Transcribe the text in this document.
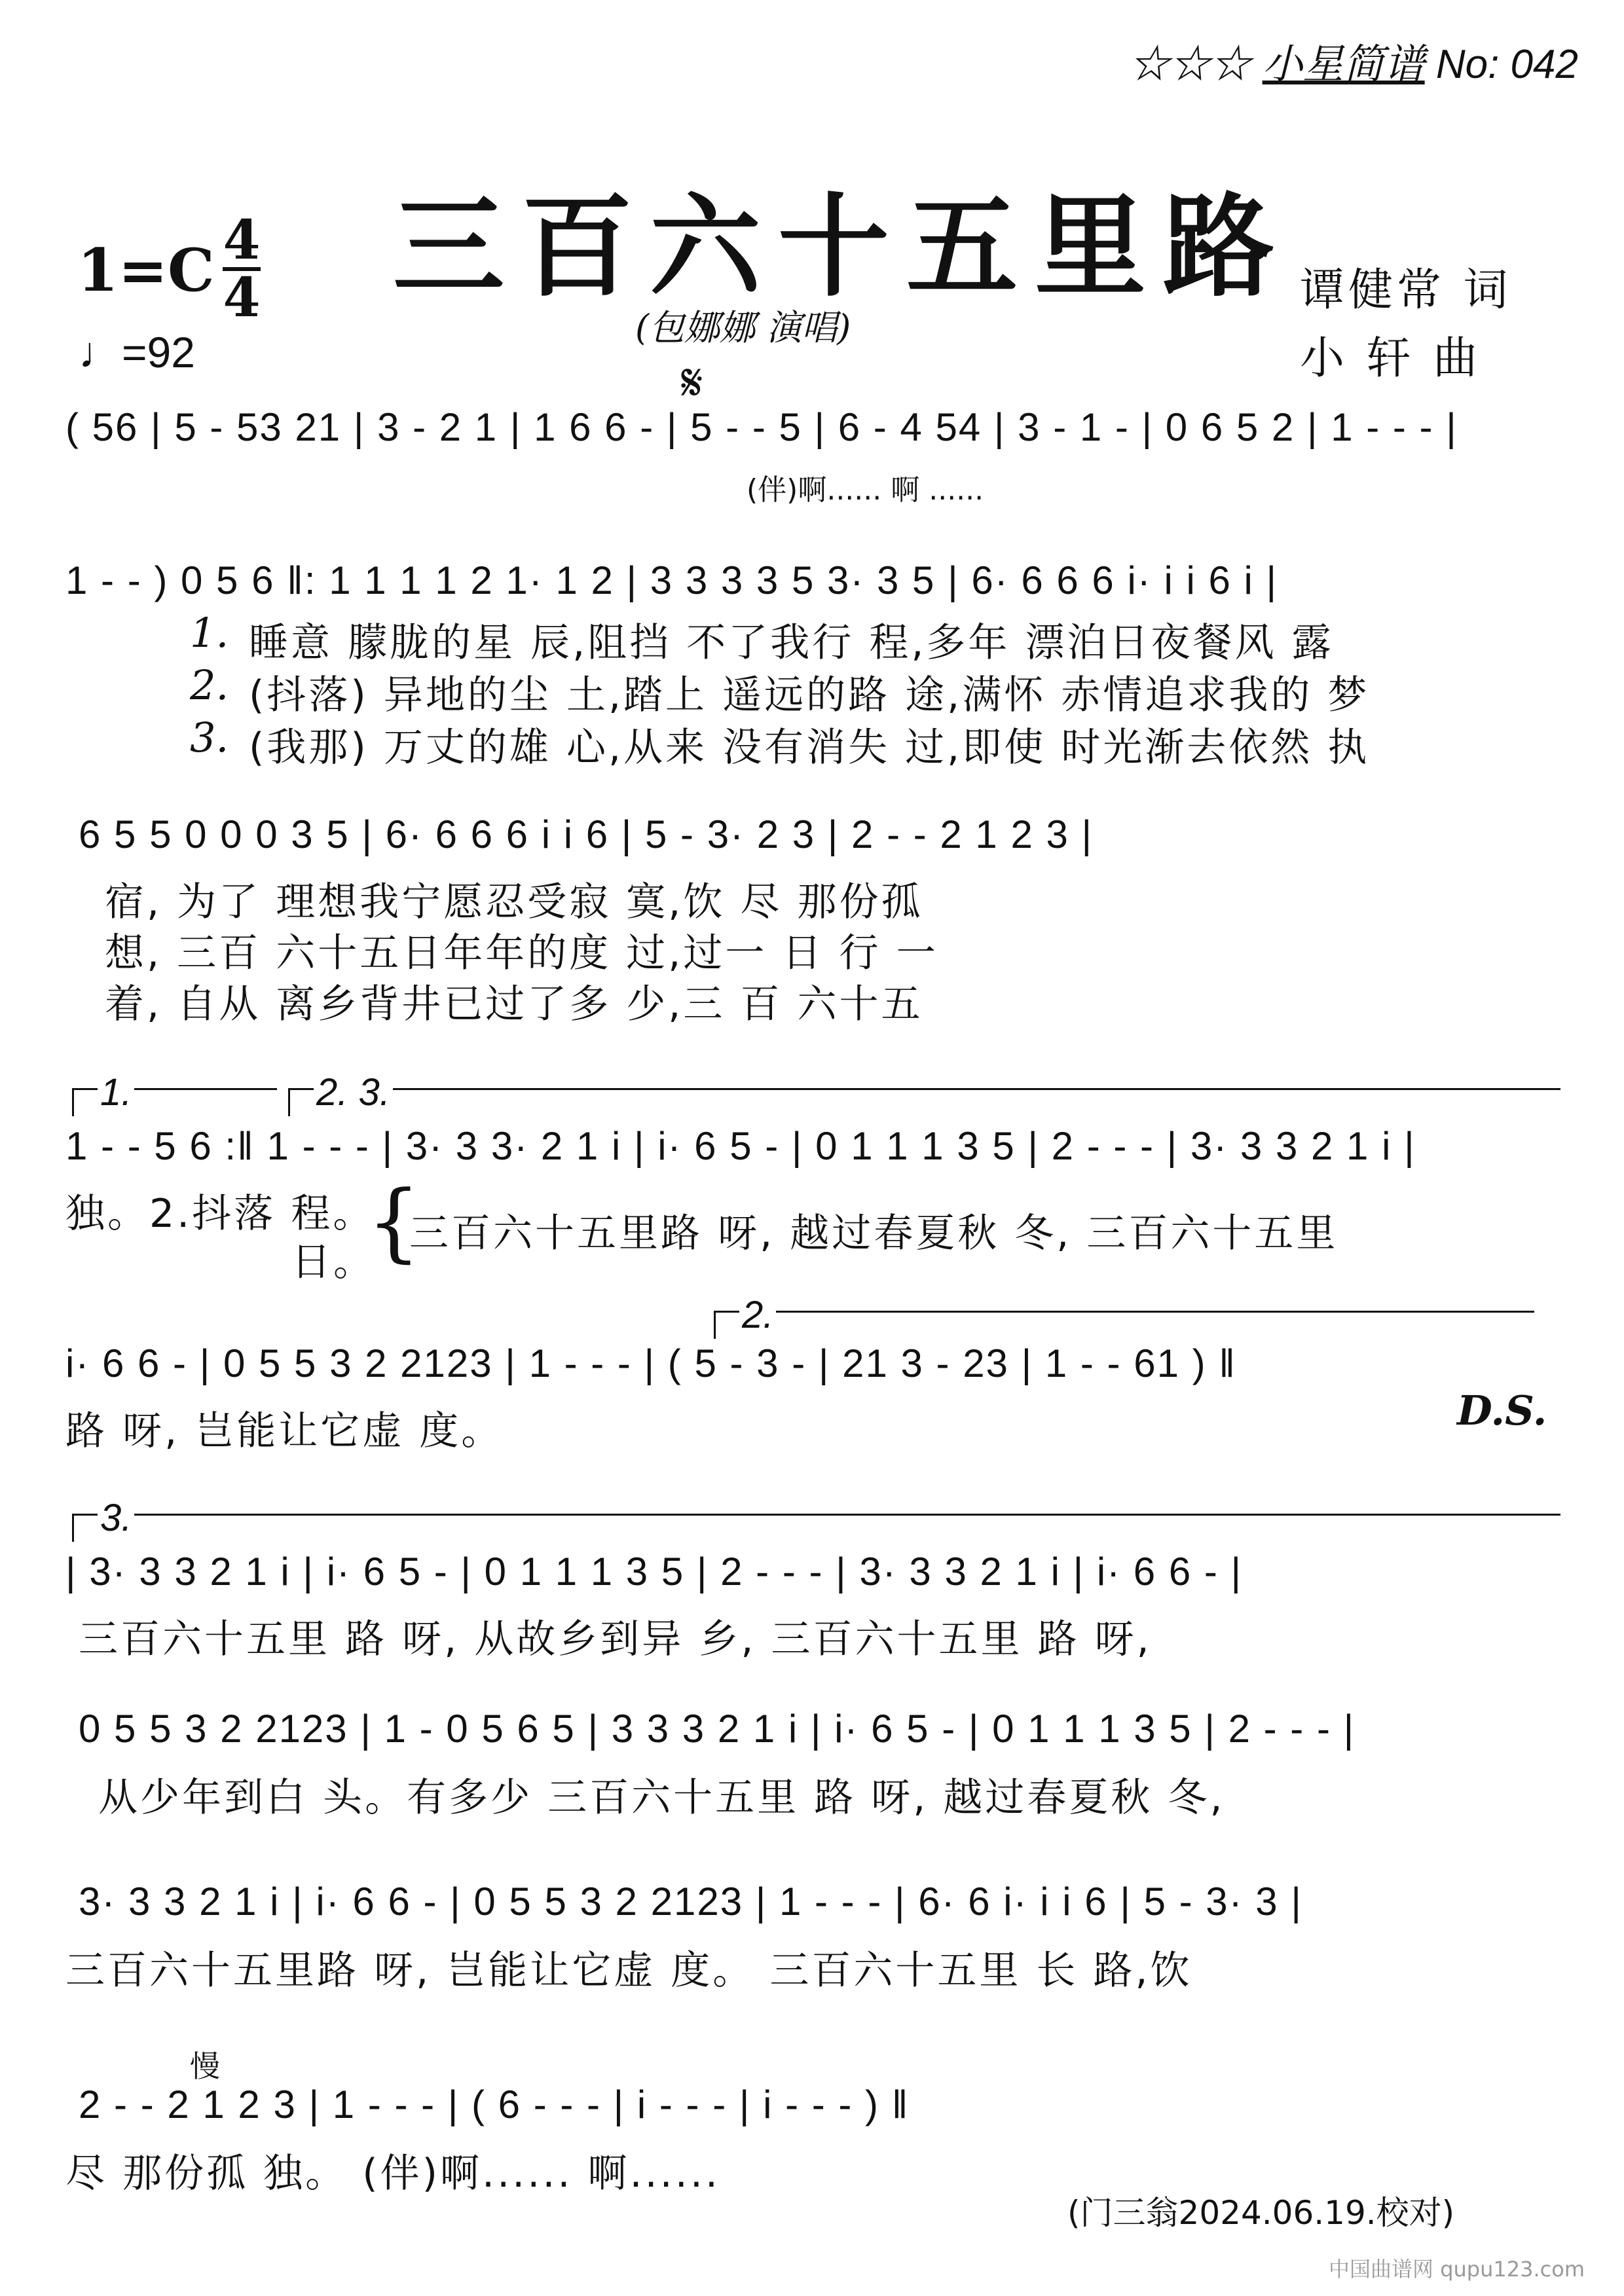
☆☆☆ 小星简谱 No: 042
三百六十五里路
1=C 4
4
♩=92
(包娜娜 演唱)
谭健常 词
小 轩 曲
𝄋
( 56 | 5 - 53 21 | 3 - 2 1 | 1 6 6 - | 5 - - 5 | 6 - 4 54 | 3 - 1 - | 0 6 5 2 | 1 - - - |
(伴)啊...... 啊 ......
1 - - ) 0 5 6 ‖: 1 1 1 1 2 1· 1 2 | 3 3 3 3 5 3· 3 5 | 6· 6 6 6 i· i i 6 i |
1. 睡意 朦胧的星 辰,阻挡 不了我行 程,多年 漂泊日夜餐风 露
2. (抖落) 异地的尘 土,踏上 遥远的路 途,满怀 赤情追求我的 梦
3. (我那) 万丈的雄 心,从来 没有消失 过,即使 时光渐去依然 执
6 5 5 0 0 0 3 5 | 6· 6 6 6 i i 6 | 5 - 3· 2 3 | 2 - - 2 1 2 3 |
宿, 为了 理想我宁愿忍受寂 寞,饮 尽 那份孤
想, 三百 六十五日年年的度 过,过一 日 行 一
着, 自从 离乡背井已过了多 少,三 百 六十五
1.	2. 3.
1 - - 5 6 :‖ 1 - - - | 3· 3 3· 2 1 i | i· 6 5 - | 0 1 1 1 3 5 | 2 - - - | 3· 3 3 2 1 i |
独。2.抖落 程。
日。
{
三百六十五里路 呀, 越过春夏秋 冬, 三百六十五里
2.
i· 6 6 - | 0 5 5 3 2 2123 | 1 - - - | ( 5 - 3 - | 21 3 - 23 | 1 - - 61 ) ‖
路 呀, 岂能让它虚 度。	D.S.
3.
| 3· 3 3 2 1 i | i· 6 5 - | 0 1 1 1 3 5 | 2 - - - | 3· 3 3 2 1 i | i· 6 6 - |
三百六十五里 路 呀, 从故乡到异 乡, 三百六十五里 路 呀,
0 5 5 3 2 2123 | 1 - 0 5 6 5 | 3 3 3 2 1 i | i· 6 5 - | 0 1 1 1 3 5 | 2 - - - |
从少年到白 头。有多少 三百六十五里 路 呀, 越过春夏秋 冬,
3· 3 3 2 1 i | i· 6 6 - | 0 5 5 3 2 2123 | 1 - - - | 6· 6 i· i i 6 | 5 - 3· 3 |
三百六十五里路 呀, 岂能让它虚 度。 三百六十五里 长 路,饮
慢
2 - - 2 1 2 3 | 1 - - - | ( 6 - - - | i - - - | i - - - ) ‖
尽 那份孤 独。 (伴)啊...... 啊......
(门三翁2024.06.19.校对)
中国曲谱网 qupu123.com
